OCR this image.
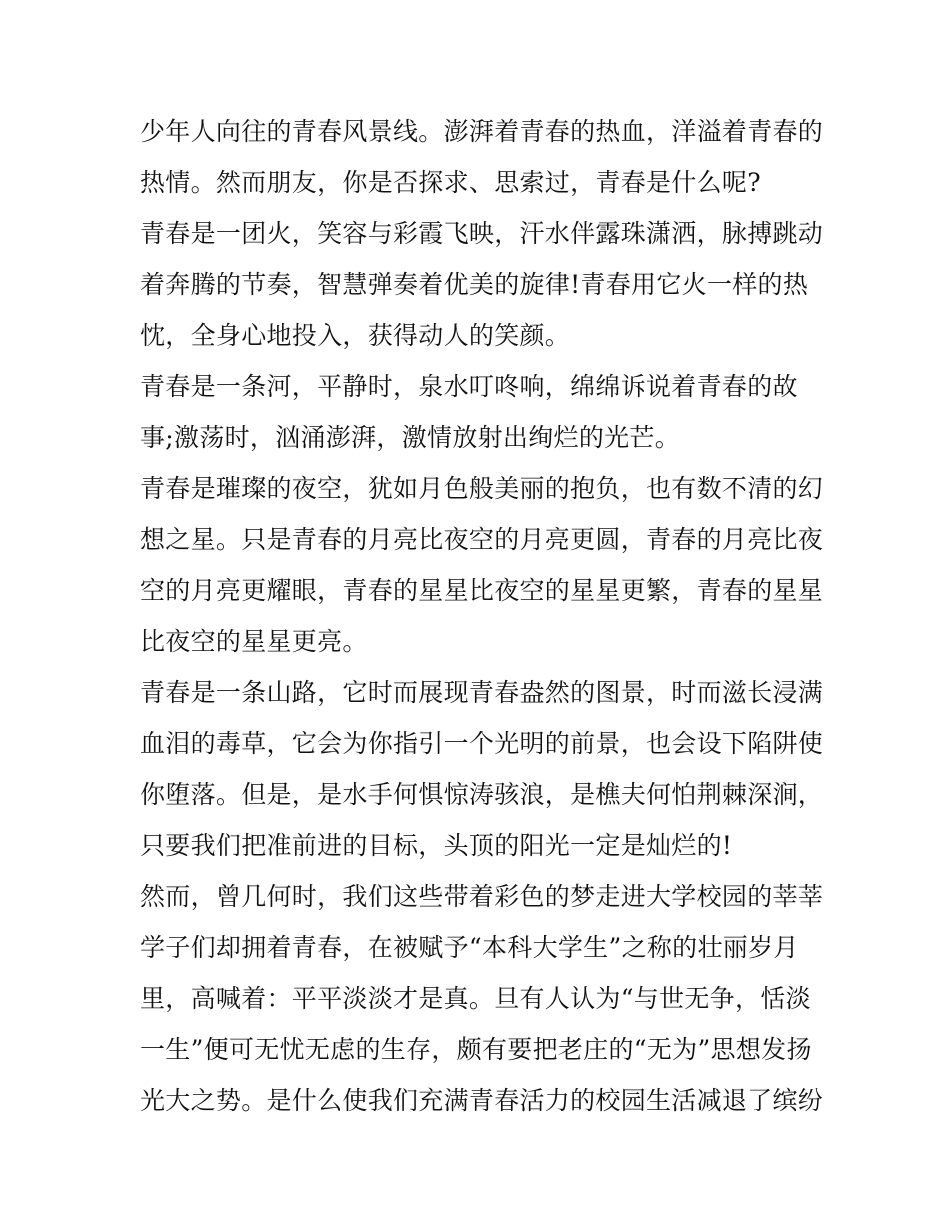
少年人向往的青春风景线。澎湃着青春的热血，洋溢着青春的
热情。然而朋友，你是否探求、思索过，青春是什么呢?

青春是一团火，笑容与彩霞飞映，汗水伴露珠潇洒，脉搏跳动
着奔腾的节奏，智慧弹奏着优美的旋律!青春用它火一样的热
忱，全身心地投入，获得动人的笑颜。

青春是一条河，平静时，泉水叮咚响，绵绵诉说着青春的故
事;激荡时，汹涌澎湃，激情放射出绚烂的光芒。

青春是璀璨的夜空，犹如月色般美丽的抱负，也有数不清的幻
想之星。只是青春的月亮比夜空的月亮更圆，青春的月亮比夜
空的月亮更耀眼，青春的星星比夜空的星星更繁，青春的星星
比夜空的星星更亮。

青春是一条山路，它时而展现青春盎然的图景，时而滋长浸满
血泪的毒草，它会为你指引一个光明的前景，也会设下陷阱使
你堕落。但是，是水手何惧惊涛骇浪，是樵夫何怕荆棘深涧，
只要我们把准前进的目标，头顶的阳光一定是灿烂的!

然而，曾几何时，我们这些带着彩色的梦走进大学校园的莘莘
学子们却拥着青春，在被赋予“本科大学生”之称的壮丽岁月
里，高喊着：平平淡淡才是真。旦有人认为“与世无争，恬淡
一生”便可无忧无虑的生存，颇有要把老庄的“无为”思想发扬
光大之势。是什么使我们充满青春活力的校园生活减退了缤纷
